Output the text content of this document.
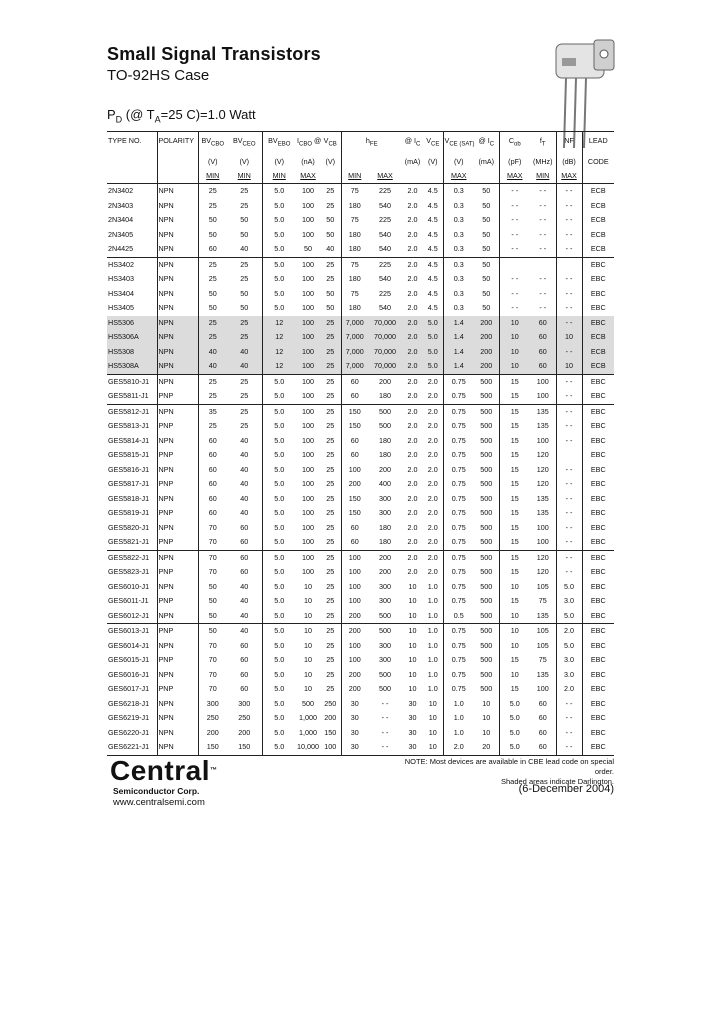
Small Signal Transistors
TO-92HS Case
$P_D$ (@ $T_A=25$ C)=1.0 Watt
TYPE NO.	POLARITY	$BV_{CBO}$	$BV_{CEO}$	$BV_{EBO}$	$I_{CBO}$ @	$V_{CB}$	$h_{FE}$		@ $I_C$	$V_{CE}$	$V_{CE (SAT)}$	@ $I_C$	$C_{ob}$	$f_T$	NF	LEAD
		(V)	(V)	(V)	(nA)	(V)			(mA)	(V)	(V)	(mA)	(pF)	(MHz)	(dB)	CODE
		MIN	MIN	MIN	MAX		MIN	MAX			MAX		MAX	MIN	MAX	
2N3402	NPN	25	25	5.0	100	25	75	225	2.0	4.5	0.3	50	- -	- -	- -	ECB
2N3403	NPN	25	25	5.0	100	25	180	540	2.0	4.5	0.3	50	- -	- -	- -	ECB
2N3404	NPN	50	50	5.0	100	50	75	225	2.0	4.5	0.3	50	- -	- -	- -	ECB
2N3405	NPN	50	50	5.0	100	50	180	540	2.0	4.5	0.3	50	- -	- -	- -	ECB
2N4425	NPN	60	40	5.0	50	40	180	540	2.0	4.5	0.3	50	- -	- -	- -	ECB
HS3402	NPN	25	25	5.0	100	25	75	225	2.0	4.5	0.3	50				EBC
HS3403	NPN	25	25	5.0	100	25	180	540	2.0	4.5	0.3	50	- -	- -	- -	EBC
HS3404	NPN	50	50	5.0	100	50	75	225	2.0	4.5	0.3	50	- -	- -	- -	EBC
HS3405	NPN	50	50	5.0	100	50	180	540	2.0	4.5	0.3	50	- -	- -	- -	EBC
HS5306	NPN	25	25	12	100	25	7,000	70,000	2.0	5.0	1.4	200	10	60	- -	EBC
HS5306A	NPN	25	25	12	100	25	7,000	70,000	2.0	5.0	1.4	200	10	60	10	ECB
HS5308	NPN	40	40	12	100	25	7,000	70,000	2.0	5.0	1.4	200	10	60	- -	ECB
HS5308A	NPN	40	40	12	100	25	7,000	70,000	2.0	5.0	1.4	200	10	60	10	ECB
GES5810-J1	NPN	25	25	5.0	100	25	60	200	2.0	2.0	0.75	500	15	100	- -	EBC
GES5811-J1	PNP	25	25	5.0	100	25	60	180	2.0	2.0	0.75	500	15	100	- -	EBC
GES5812-J1	NPN	35	25	5.0	100	25	150	500	2.0	2.0	0.75	500	15	135	- -	EBC
GES5813-J1	PNP	25	25	5.0	100	25	150	500	2.0	2.0	0.75	500	15	135	- -	EBC
GES5814-J1	NPN	60	40	5.0	100	25	60	180	2.0	2.0	0.75	500	15	100	- -	EBC
GES5815-J1	PNP	60	40	5.0	100	25	60	180	2.0	2.0	0.75	500	15	120		EBC
GES5816-J1	NPN	60	40	5.0	100	25	100	200	2.0	2.0	0.75	500	15	120	- -	EBC
GES5817-J1	PNP	60	40	5.0	100	25	200	400	2.0	2.0	0.75	500	15	120	- -	EBC
GES5818-J1	NPN	60	40	5.0	100	25	150	300	2.0	2.0	0.75	500	15	135	- -	EBC
GES5819-J1	PNP	60	40	5.0	100	25	150	300	2.0	2.0	0.75	500	15	135	- -	EBC
GES5820-J1	NPN	70	60	5.0	100	25	60	180	2.0	2.0	0.75	500	15	100	- -	EBC
GES5821-J1	PNP	70	60	5.0	100	25	60	180	2.0	2.0	0.75	500	15	100	- -	EBC
GES5822-J1	NPN	70	60	5.0	100	25	100	200	2.0	2.0	0.75	500	15	120	- -	EBC
GES5823-J1	PNP	70	60	5.0	100	25	100	200	2.0	2.0	0.75	500	15	120	- -	EBC
GES6010-J1	NPN	50	40	5.0	10	25	100	300	10	1.0	0.75	500	10	105	5.0	EBC
GES6011-J1	PNP	50	40	5.0	10	25	100	300	10	1.0	0.75	500	15	75	3.0	EBC
GES6012-J1	NPN	50	40	5.0	10	25	200	500	10	1.0	0.5	500	10	135	5.0	EBC
GES6013-J1	PNP	50	40	5.0	10	25	200	500	10	1.0	0.75	500	10	105	2.0	EBC
GES6014-J1	NPN	70	60	5.0	10	25	100	300	10	1.0	0.75	500	10	105	5.0	EBC
GES6015-J1	PNP	70	60	5.0	10	25	100	300	10	1.0	0.75	500	15	75	3.0	EBC
GES6016-J1	NPN	70	60	5.0	10	25	200	500	10	1.0	0.75	500	10	135	3.0	EBC
GES6017-J1	PNP	70	60	5.0	10	25	200	500	10	1.0	0.75	500	15	100	2.0	EBC
GES6218-J1	NPN	300	300	5.0	500	250	30	- -	30	10	1.0	10	5.0	60	- -	EBC
GES6219-J1	NPN	250	250	5.0	1,000	200	30	- -	30	10	1.0	10	5.0	60	- -	EBC
GES6220-J1	NPN	200	200	5.0	1,000	150	30	- -	30	10	1.0	10	5.0	60	- -	EBC
GES6221-J1	NPN	150	150	5.0	10,000	100	30	- -	30	10	2.0	20	5.0	60	- -	EBC
NOTE: Most devices are available in CBE lead code on special order.
Shaded areas indicate Darlington.
(6-December 2004)
Central™
Semiconductor Corp.
www.centralsemi.com
